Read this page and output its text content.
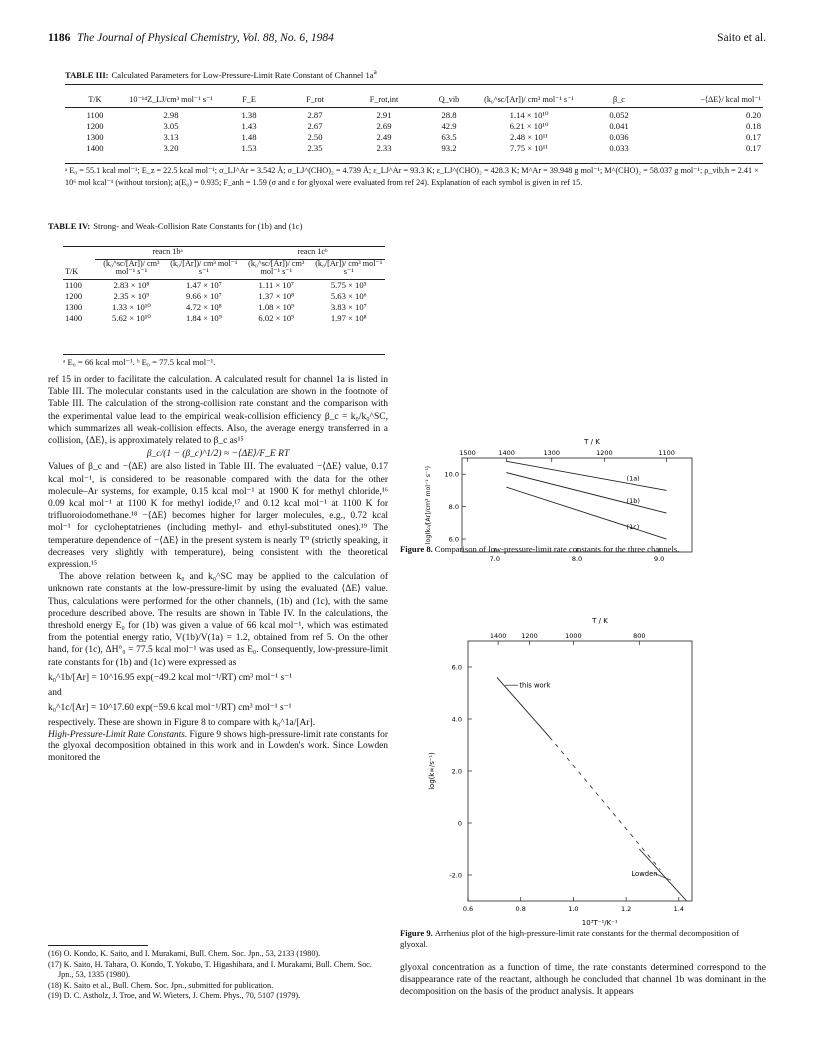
1186 The Journal of Physical Chemistry, Vol. 88, No. 6, 1984	Saito et al.
TABLE III: Calculated Parameters for Low-Pressure-Limit Rate Constant of Channel $1a^a$
T/K	10⁻¹⁴Z_LJ/cm³ mol⁻¹ s⁻¹	F_E	F_rot	F_rot,int	Q_vib	(k₀^sc/[Ar])/ cm³ mol⁻¹ s⁻¹	β_c	−⟨ΔE⟩/ kcal mol⁻¹

1100	2.98	1.38	2.87	2.91	28.8	1.14 × 10¹⁰	0.052	0.20
1200	3.05	1.43	2.67	2.69	42.9	6.21 × 10¹⁰	0.041	0.18
1300	3.13	1.48	2.50	2.49	63.5	2.48 × 10¹¹	0.036	0.17
1400	3.20	1.53	2.35	2.33	93.2	7.75 × 10¹¹	0.033	0.17
ᵃ E₀ = 55.1 kcal mol⁻¹; E_z = 22.5 kcal mol⁻¹; σ_LJ^Ar = 3.542 Å; σ_LJ^(CHO)₂ = 4.739 Å; ε_LJ^Ar = 93.3 K; ε_LJ^(CHO)₂ = 428.3 K; M^Ar = 39.948 g mol⁻¹; M^(CHO)₂ = 58.037 g mol⁻¹; ρ_vib,h = 2.41 × 10⁶ mol kcal⁻¹ (without torsion); a(E₀) = 0.935; F_anh = 1.59 (σ and ε for glyoxal were evaluated from ref 24). Explanation of each symbol is given in ref 15.
TABLE IV: Strong- and Weak-Collision Rate Constants for (1b) and (1c)
	reacn 1bᵃ		reacn 1cᵇ	
T/K	(k₀^sc/[Ar])/ cm³ mol⁻¹ s⁻¹	(k₀/[Ar])/ cm³ mol⁻¹ s⁻¹	(k₀^sc/[Ar])/ cm³ mol⁻¹ s⁻¹	(k₀/[Ar])/ cm³ mol⁻¹ s⁻¹

1100	2.83 × 10⁸	1.47 × 10⁷	1.11 × 10⁷	5.75 × 10⁵
1200	2.35 × 10⁹	9.66 × 10⁷	1.37 × 10⁸	5.63 × 10⁶
1300	1.33 × 10¹⁰	4.72 × 10⁸	1.08 × 10⁹	3.83 × 10⁷
1400	5.62 × 10¹⁰	1.84 × 10⁹	6.02 × 10⁹	1.97 × 10⁸
ᵃ E₀ = 66 kcal mol⁻¹. ᵇ E₀ = 77.5 kcal mol⁻¹.

ref 15 in order to facilitate the calculation. A calculated result for channel 1a is listed in Table III. The molecular constants used in the calculation are shown in the footnote of Table III. The calculation of the strong-collision rate constant and the comparison with the experimental value lead to the empirical weak-collision efficiency β_c = k₀/k₀^SC, which summarizes all weak-collision effects. Also, the average energy transferred in a collision, ⟨ΔE⟩, is approximately related to β_c as¹⁵

β_c/(1 − (β_c)^1/2) ≈ −⟨ΔE⟩/F_E RT

Values of β_c and −⟨ΔE⟩ are also listed in Table III. The evaluated −⟨ΔE⟩ value, 0.17 kcal mol⁻¹, is considered to be reasonable compared with the data for the other molecule–Ar systems, for example, 0.15 kcal mol⁻¹ at 1900 K for methyl chloride,¹⁶ 0.09 kcal mol⁻¹ at 1100 K for methyl iodide,¹⁷ and 0.12 kcal mol⁻¹ at 1100 K for trifluoroiodomethane.¹⁸ −⟨ΔE⟩ becomes higher for larger molecules, e.g., 0.72 kcal mol⁻¹ for cycloheptatrienes (including methyl- and ethyl-substituted ones).¹⁹ The temperature dependence of −⟨ΔE⟩ in the present system is nearly T⁰ (strictly speaking, it decreases very slightly with temperature), being consistent with the theoretical expression.¹⁵

The above relation between k₀ and k₀^SC may be applied to the calculation of unknown rate constants at the low-pressure-limit by using the evaluated ⟨ΔE⟩ value. Thus, calculations were performed for the other channels, (1b) and (1c), with the same procedure described above. The results are shown in Table IV. In the calculations, the threshold energy E₀ for (1b) was given a value of 66 kcal mol⁻¹, which was estimated from the potential energy ratio, V(1b)/V(1a) = 1.2, obtained from ref 5. On the other hand, for (1c), ΔH°₀ = 77.5 kcal mol⁻¹ was used as E₀. Consequently, low-pressure-limit rate constants for (1b) and (1c) were expressed as

k₀^1b/[Ar] = 10^16.95 exp(−49.2 kcal mol⁻¹/RT) cm³ mol⁻¹ s⁻¹

and

k₀^1c/[Ar] = 10^17.60 exp(−59.6 kcal mol⁻¹/RT) cm³ mol⁻¹ s⁻¹

respectively. These are shown in Figure 8 to compare with k₀^1a/[Ar].

High-Pressure-Limit Rate Constants. Figure 9 shows high-pressure-limit rate constants for the glyoxal decomposition obtained in this work and in Lowden's work. Since Lowden monitored the

(16) O. Kondo, K. Saito, and I. Murakami, Bull. Chem. Soc. Jpn., 53, 2133 (1980).

(17) K. Saito, H. Tahara, O. Kondo, T. Yokubo, T. Higashihara, and I. Murakami, Bull. Chem. Soc. Jpn., 53, 1335 (1980).

(18) K. Saito et al., Bull. Chem. Soc. Jpn., submitted for publication.

(19) D. C. Astholz, J. Troe, and W. Wieters, J. Chem. Phys., 70, 5107 (1979).

T / K
1500	1400	1300	1200	1100
6.0
8.0
10.0
log(k₀/[Ar]/cm³ mol⁻¹ s⁻¹)	(1a)
(1b)
(1c)
7.0	8.0	9.0
Figure 8. Comparison of low-pressure-limit rate constants for the three channels.
T / K
1400 1200	1000	800
0.6	0.8	1.0	1.2	1.4
10³T⁻¹/K⁻¹
-2.0
0
2.0
4.0
6.0
log(k∞/s⁻¹)
this work
Lowden
Figure 9. Arrhenius plot of the high-pressure-limit rate constants for the thermal decomposition of glyoxal.
glyoxal concentration as a function of time, the rate constants determined correspond to the disappearance rate of the reactant, although he concluded that channel 1b was dominant in the decomposition on the basis of the product analysis. It appears
